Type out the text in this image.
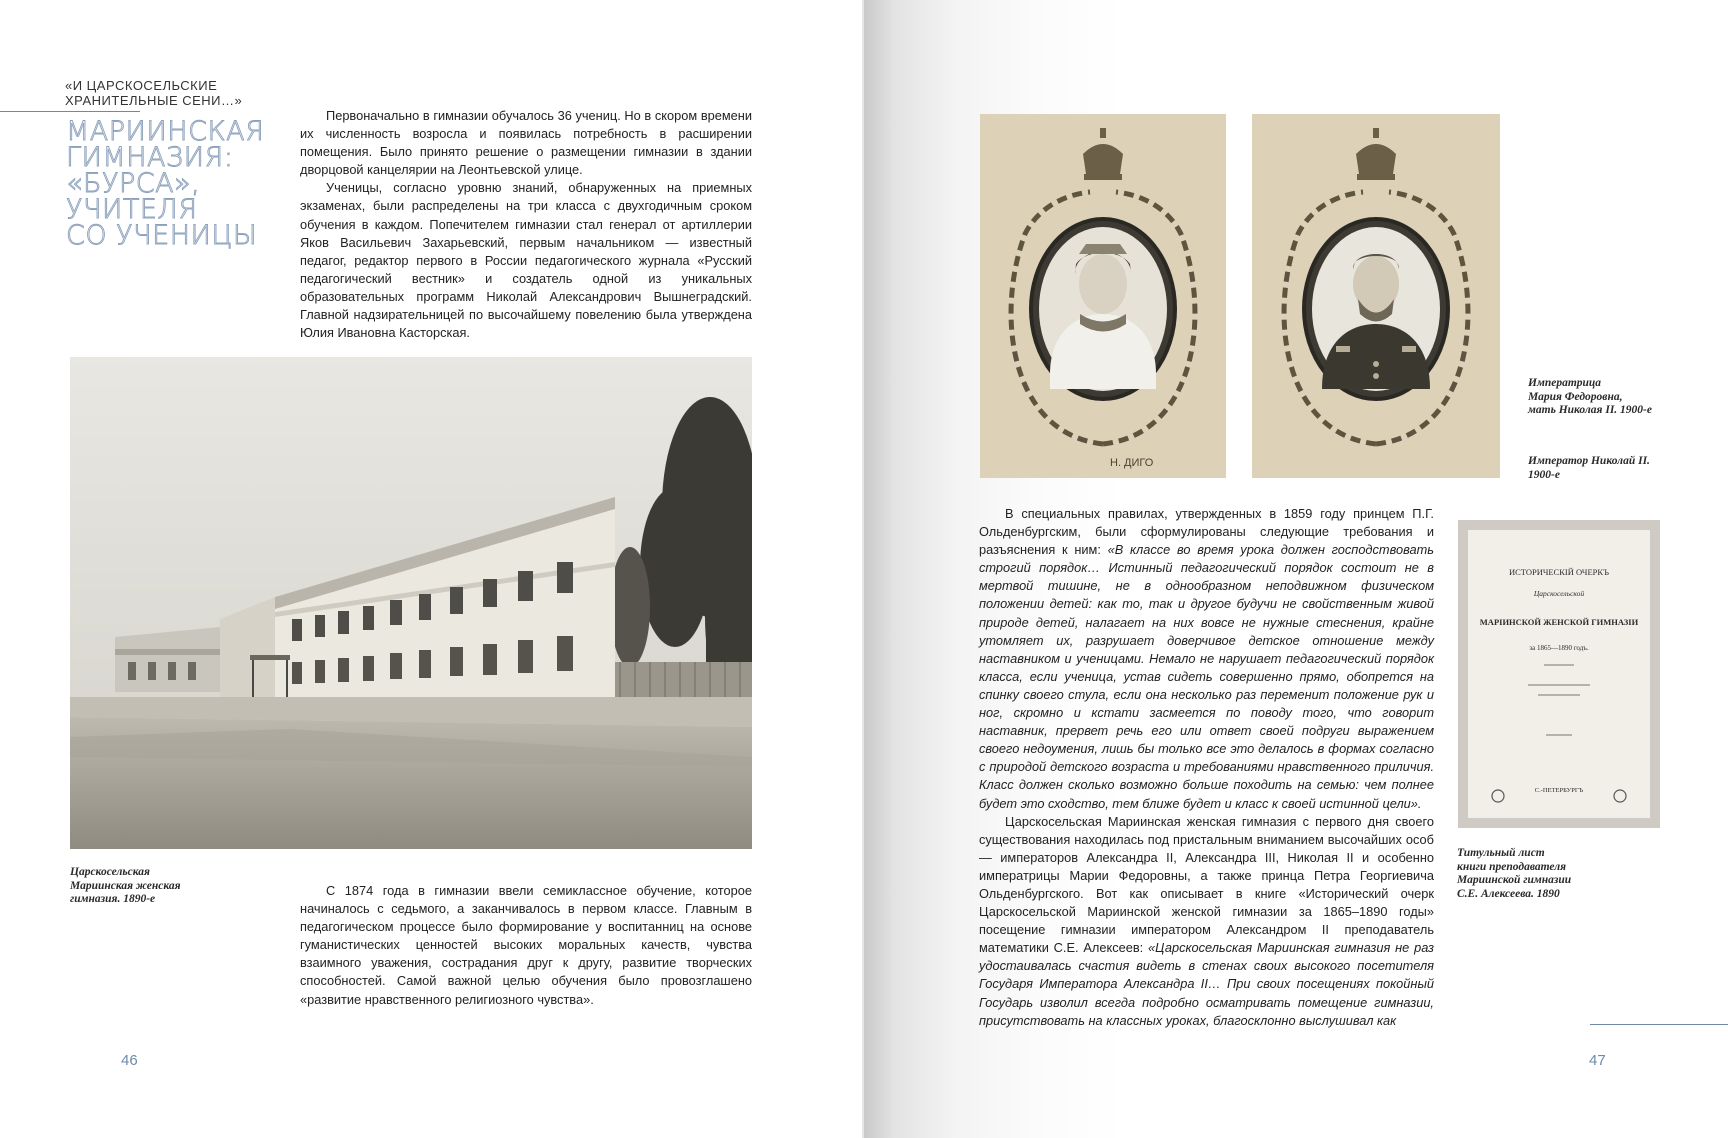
«И ЦАРСКОСЕЛЬСКИЕ
ХРАНИТЕЛЬНЫЕ СЕНИ…»
МАРИИНСКАЯ
ГИМНАЗИЯ:
«БУРСА», УЧИТЕЛЯ
СО УЧЕНИЦЫ

Первоначально в гимназии обучалось 36 учениц. Но в скором времени их численность возросла и появилась потребность в расширении помещения. Было принято решение о размещении гимназии в здании дворцовой канцелярии на Леонтьевской улице.

Ученицы, согласно уровню знаний, обнаруженных на приемных экзаменах, были распределены на три класса с двухгодичным сроком обучения в каждом. Попечителем гимназии стал генерал от артиллерии Яков Васильевич Захарьевский, первым начальником — известный педагог, редактор первого в России педагогического журнала «Русский педагогический вестник» и создатель одной из уникальных образовательных программ Николай Александрович Вышнеградский. Главной надзирательницей по высочайшему повелению была утверждена Юлия Ивановна Касторская.

Царскосельская
Мариинская женская
гимназия. 1890-е

С 1874 года в гимназии ввели семиклассное обучение, которое начиналось с седьмого, а заканчивалось в первом классе. Главным в педагогическом процессе было формирование у воспитанниц на основе гуманистических ценностей высоких моральных качеств, чувства взаимного уважения, сострадания друг к другу, развитие творческих способностей. Самой важной целью обучения было провозглашено «развитие нравственного религиозного чувства».

46
Н. ДИГО
Императрица
Мария Федоровна,
мать Николая II. 1900-е
Император Николай II.
1900-е

В специальных правилах, утвержденных в 1859 году принцем П.Г. Ольденбургским, были сформулированы следующие требования и разъяснения к ним: «В классе во время урока должен господствовать строгий порядок… Истинный педагогический порядок состоит не в мертвой тишине, не в однообразном неподвижном физическом положении детей: как то, так и другое будучи не свойственным живой природе детей, налагает на них вовсе не нужные стеснения, крайне утомляет их, разрушает доверчивое детское отношение между наставником и ученицами. Немало не нарушает педагогический порядок класса, если ученица, устав сидеть совершенно прямо, обопрется на спинку своего стула, если она несколько раз переменит положение рук и ног, скромно и кстати засмеется по поводу того, что говорит наставник, прервет речь его или ответ своей подруги выражением своего недоумения, лишь бы только все это делалось в формах согласно с природой детского возраста и требованиями нравственного приличия. Класс должен сколько возможно больше походить на семью: чем полнее будет это сходство, тем ближе будет и класс к своей истинной цели».

Царскосельская Мариинская женская гимназия с первого дня своего существования находилась под пристальным вниманием высочайших особ — императоров Александра II, Александра III, Николая II и особенно императрицы Марии Федоровны, а также принца Петра Георгиевича Ольденбургского. Вот как описывает в книге «Исторический очерк Царскосельской Мариинской женской гимназии за 1865–1890 годы» посещение гимназии императором Александром II преподаватель математики С.Е. Алексеев: «Царскосельская Мариинская гимназия не раз удостаивалась счастия видеть в стенах своих высокого посетителя Государя Императора Александра II… При своих посещениях покойный Государь изволил всегда подробно осматривать помещение гимназии, присутствовать на классных уроках, благосклонно выслушивал как

ИСТОРИЧЕСКІЙ ОЧЕРКЪ
Царскосельской
МАРІИНСКОЙ ЖЕНСКОЙ ГИМНАЗІИ
за 1865—1890 годъ.
С.-ПЕТЕРБУРГЪ
Титульный лист
книги преподавателя
Мариинской гимназии
С.Е. Алексеева. 1890
47
